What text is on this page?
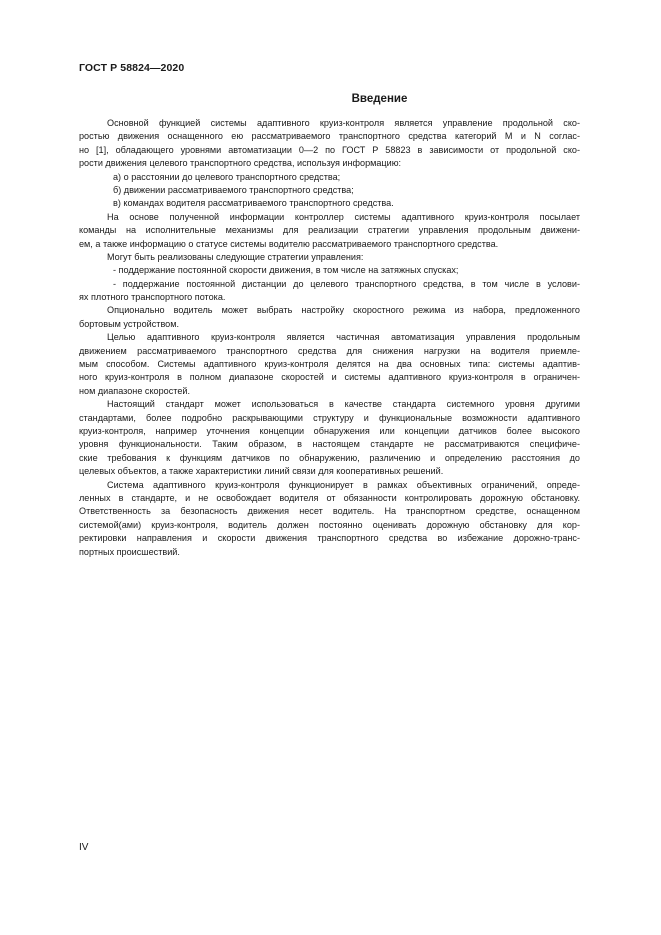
ГОСТ Р 58824—2020
Введение
Основной функцией системы адаптивного круиз-контроля является управление продольной ско-
ростью движения оснащенного ею рассматриваемого транспортного средства категорий M и N соглас-
но [1], обладающего уровнями автоматизации 0—2 по ГОСТ Р 58823 в зависимости от продольной ско-
рости движения целевого транспортного средства, используя информацию:
а) о расстоянии до целевого транспортного средства;
б) движении рассматриваемого транспортного средства;
в) командах водителя рассматриваемого транспортного средства.
На основе полученной информации контроллер системы адаптивного круиз-контроля посылает
команды на исполнительные механизмы для реализации стратегии управления продольным движени-
ем, а также информацию о статусе системы водителю рассматриваемого транспортного средства.
Могут быть реализованы следующие стратегии управления:
- поддержание постоянной скорости движения, в том числе на затяжных спусках;
- поддержание постоянной дистанции до целевого транспортного средства, в том числе в услови-
ях плотного транспортного потока.
Опционально водитель может выбрать настройку скоростного режима из набора, предложенного
бортовым устройством.
Целью адаптивного круиз-контроля является частичная автоматизация управления продольным
движением рассматриваемого транспортного средства для снижения нагрузки на водителя приемле-
мым способом. Системы адаптивного круиз-контроля делятся на два основных типа: системы адаптив-
ного круиз-контроля в полном диапазоне скоростей и системы адаптивного круиз-контроля в ограничен-
ном диапазоне скоростей.
Настоящий стандарт может использоваться в качестве стандарта системного уровня другими
стандартами, более подробно раскрывающими структуру и функциональные возможности адаптивного
круиз-контроля, например уточнения концепции обнаружения или концепции датчиков более высокого
уровня функциональности. Таким образом, в настоящем стандарте не рассматриваются специфиче-
ские требования к функциям датчиков по обнаружению, различению и определению расстояния до
целевых объектов, а также характеристики линий связи для кооперативных решений.
Система адаптивного круиз-контроля функционирует в рамках объективных ограничений, опреде-
ленных в стандарте, и не освобождает водителя от обязанности контролировать дорожную обстановку.
Ответственность за безопасность движения несет водитель. На транспортном средстве, оснащенном
системой(ами) круиз-контроля, водитель должен постоянно оценивать дорожную обстановку для кор-
ректировки направления и скорости движения транспортного средства во избежание дорожно-транс-
портных происшествий.
IV
